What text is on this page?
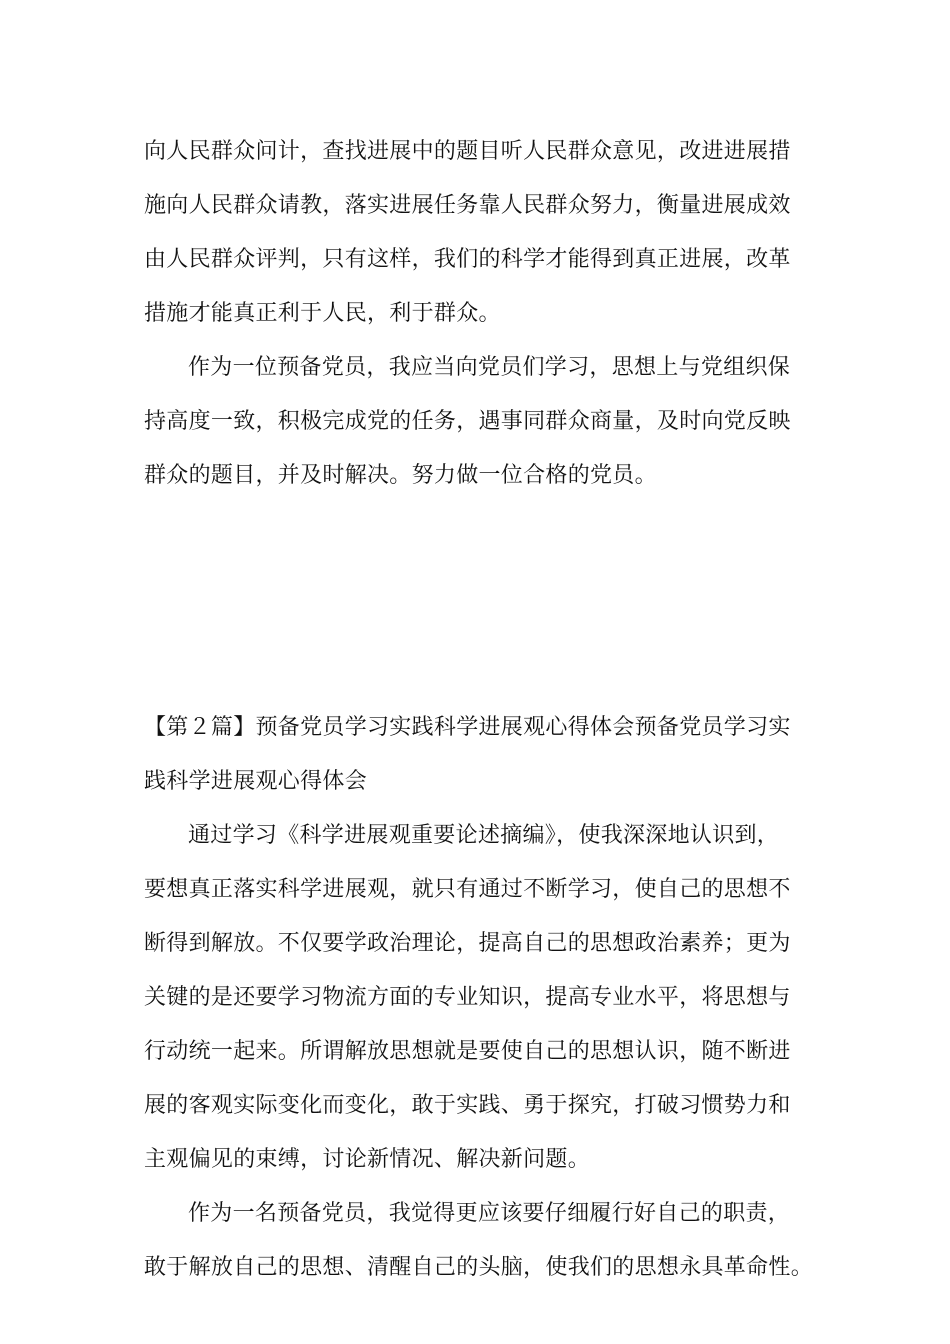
向人民群众问计，查找进展中的题目听人民群众意见，改进进展措
施向人民群众请教，落实进展任务靠人民群众努力，衡量进展成效
由人民群众评判，只有这样，我们的科学才能得到真正进展，改革
措施才能真正利于人民，利于群众。
作为一位预备党员，我应当向党员们学习，思想上与党组织保
持高度一致，积极完成党的任务，遇事同群众商量，及时向党反映
群众的题目，并及时解决。努力做一位合格的党员。
【第２篇】预备党员学习实践科学进展观心得体会预备党员学习实
践科学进展观心得体会
通过学习《科学进展观重要论述摘编》，使我深深地认识到，
要想真正落实科学进展观，就只有通过不断学习，使自己的思想不
断得到解放。不仅要学政治理论，提高自己的思想政治素养；更为
关键的是还要学习物流方面的专业知识，提高专业水平，将思想与
行动统一起来。所谓解放思想就是要使自己的思想认识，随不断进
展的客观实际变化而变化，敢于实践、勇于探究，打破习惯势力和
主观偏见的束缚，讨论新情况、解决新问题。
作为一名预备党员，我觉得更应该要仔细履行好自己的职责，
敢于解放自己的思想、清醒自己的头脑，使我们的思想永具革命性。
